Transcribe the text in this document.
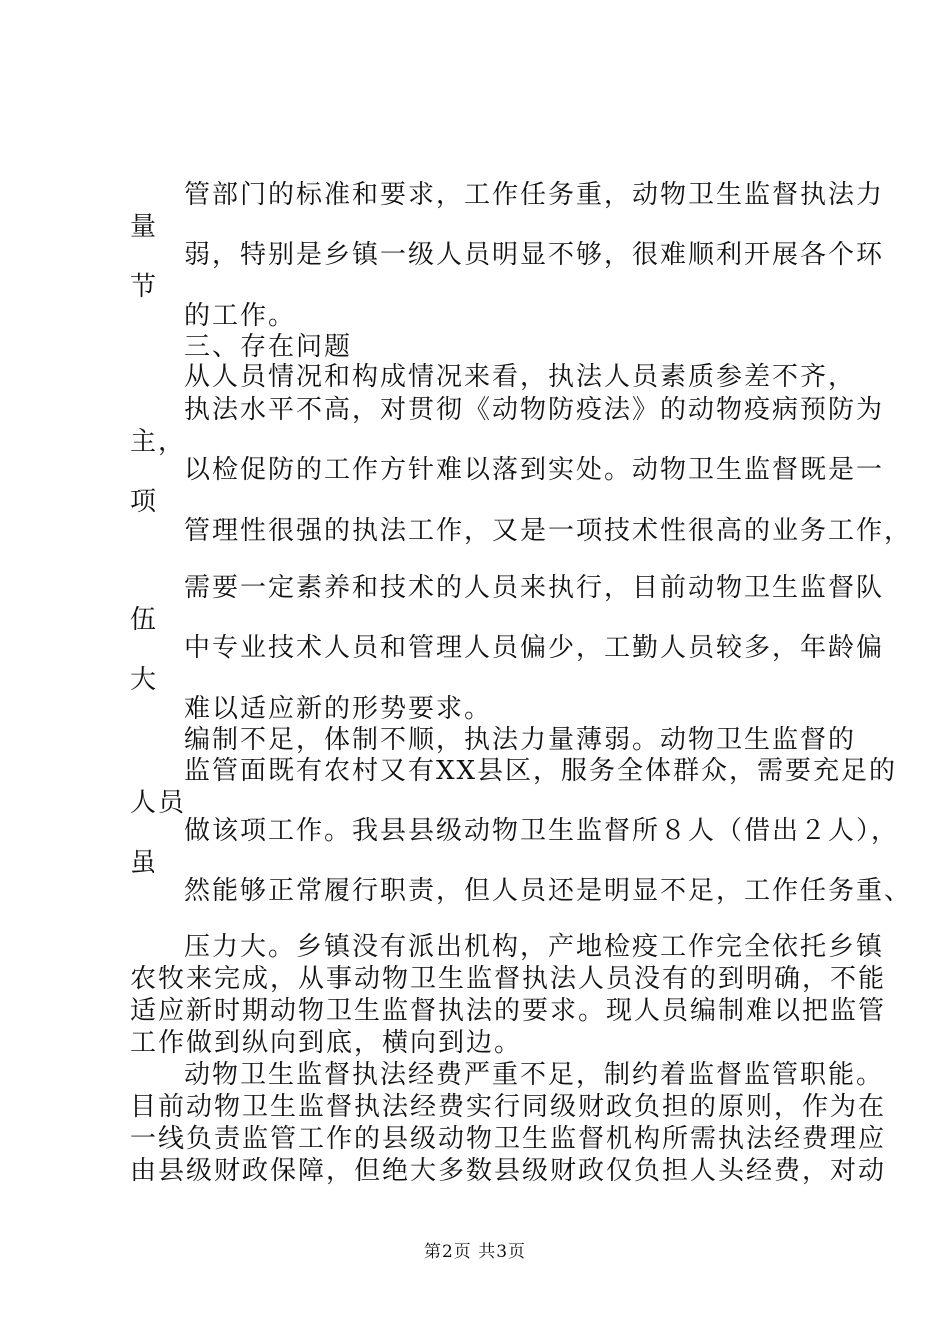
管部门的标准和要求，工作任务重，动物卫生监督执法力
量
弱，特别是乡镇一级人员明显不够，很难顺利开展各个环
节
的工作。
三、存在问题
从人员情况和构成情况来看，执法人员素质参差不齐，
执法水平不高，对贯彻《动物防疫法》的动物疫病预防为
主，
以检促防的工作方针难以落到实处。动物卫生监督既是一
项
管理性很强的执法工作，又是一项技术性很高的业务工作，
需要一定素养和技术的人员来执行，目前动物卫生监督队
伍
中专业技术人员和管理人员偏少，工勤人员较多，年龄偏
大
难以适应新的形势要求。
编制不足，体制不顺，执法力量薄弱。动物卫生监督的
监管面既有农村又有XX县区，服务全体群众，需要充足的
人员
做该项工作。我县县级动物卫生监督所８人（借出２人），
虽
然能够正常履行职责，但人员还是明显不足，工作任务重、
压力大。乡镇没有派出机构，产地检疫工作完全依托乡镇
农牧来完成，从事动物卫生监督执法人员没有的到明确，不能
适应新时期动物卫生监督执法的要求。现人员编制难以把监管
工作做到纵向到底，横向到边。
动物卫生监督执法经费严重不足，制约着监督监管职能。
目前动物卫生监督执法经费实行同级财政负担的原则，作为在
一线负责监管工作的县级动物卫生监督机构所需执法经费理应
由县级财政保障，但绝大多数县级财政仅负担人头经费，对动
第2页 共3页
